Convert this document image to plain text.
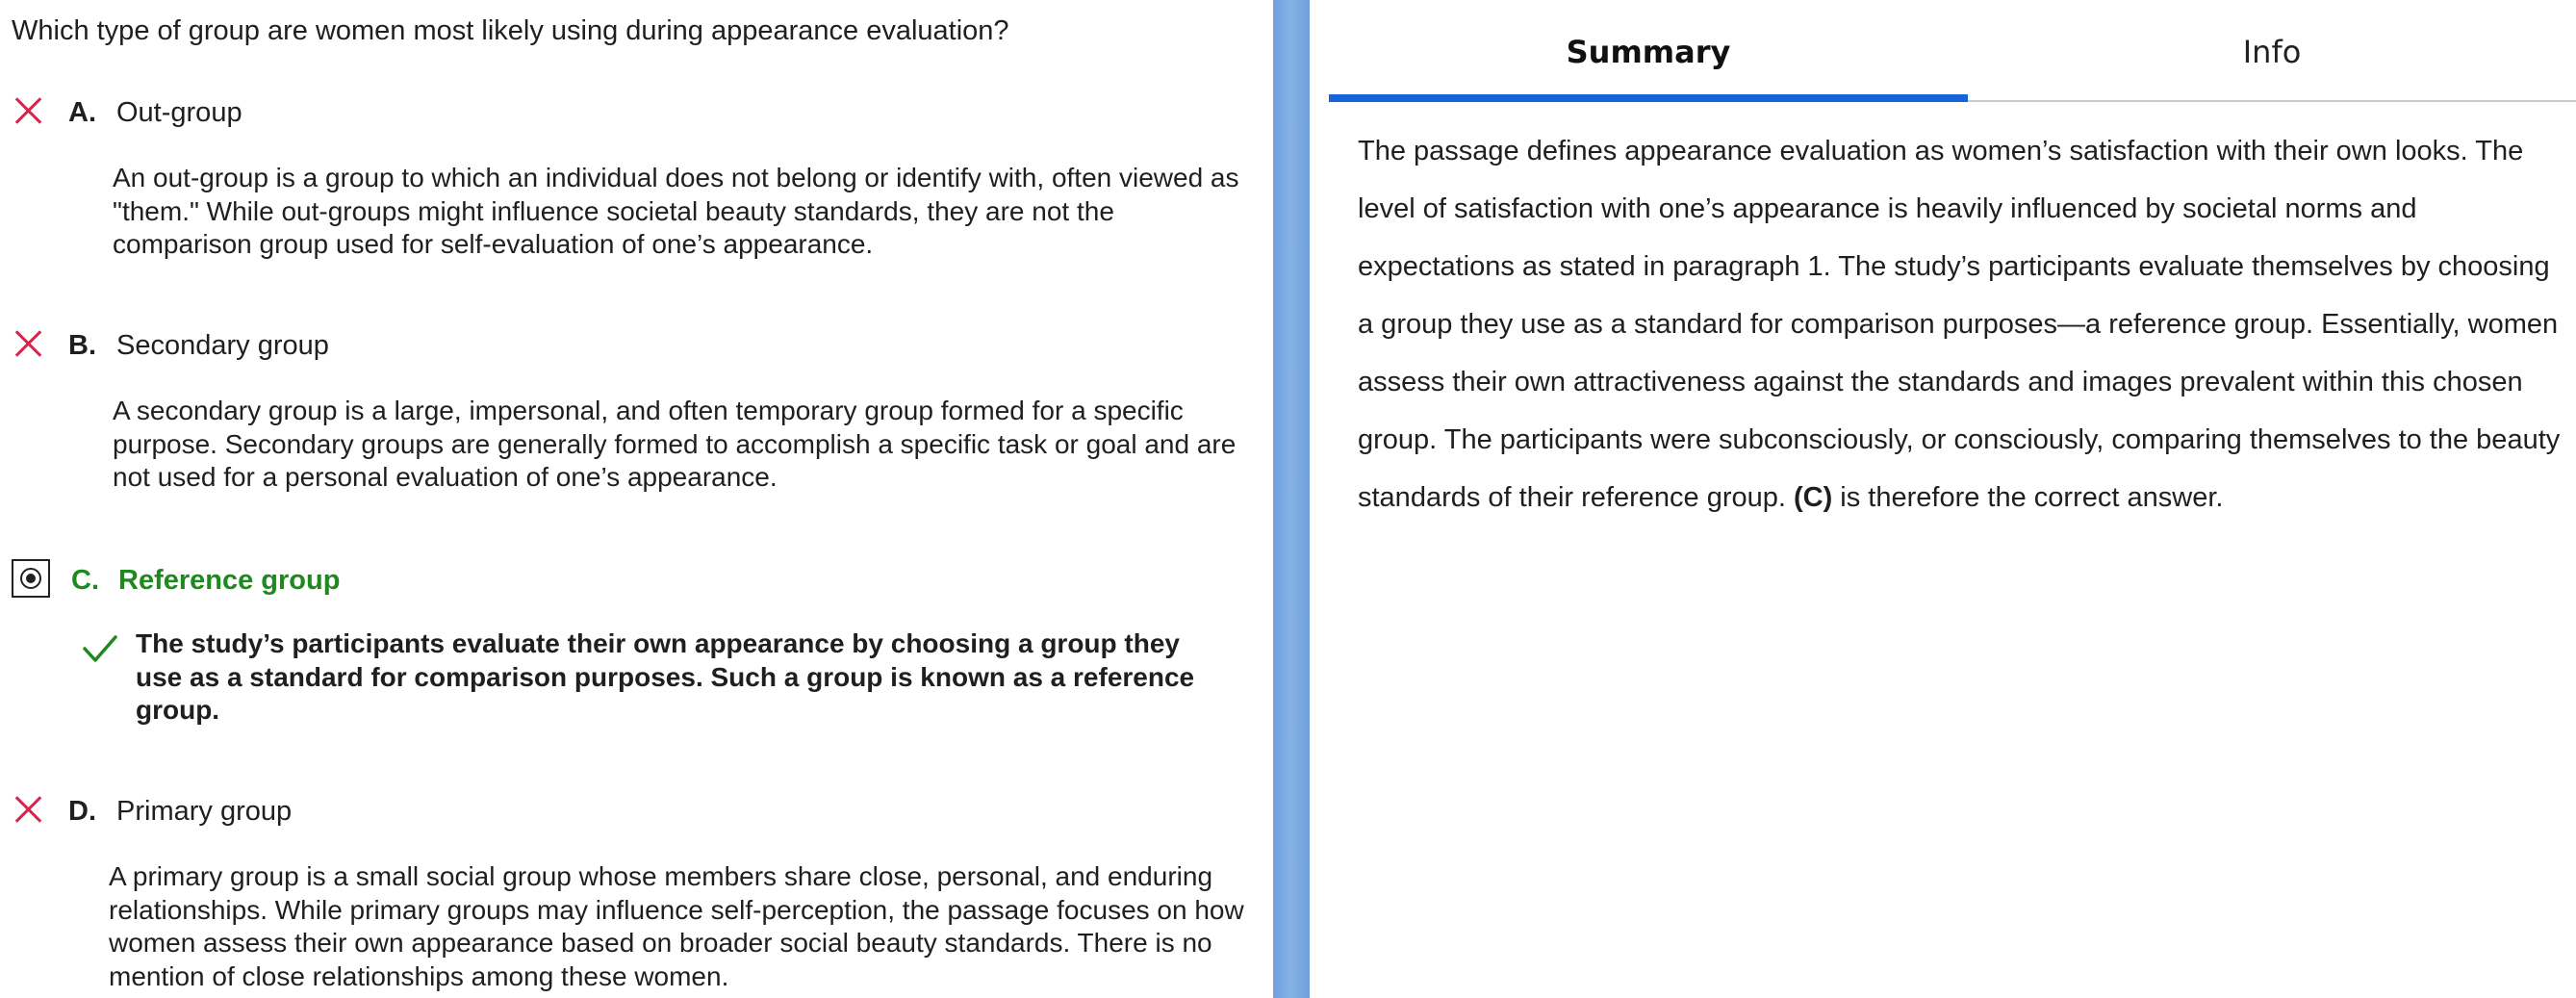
Which type of group are women most likely using during appearance evaluation?
A. Out-group
An out-group is a group to which an individual does not belong or identify with, often viewed as "them." While out-groups might influence societal beauty standards, they are not the comparison group used for self-evaluation of one’s appearance.
B. Secondary group
A secondary group is a large, impersonal, and often temporary group formed for a specific purpose. Secondary groups are generally formed to accomplish a specific task or goal and are not used for a personal evaluation of one’s appearance.
C. Reference group
The study’s participants evaluate their own appearance by choosing a group they use as a standard for comparison purposes. Such a group is known as a reference group.
D. Primary group
A primary group is a small social group whose members share close, personal, and enduring relationships. While primary groups may influence self-perception, the passage focuses on how women assess their own appearance based on broader social beauty standards. There is no mention of close relationships among these women.
Summary	Info
The passage defines appearance evaluation as women’s satisfaction with their own looks. The level of satisfaction with one’s appearance is heavily influenced by societal norms and expectations as stated in paragraph 1. The study’s participants evaluate themselves by choosing a group they use as a standard for comparison purposes—a reference group. Essentially, women assess their own attractiveness against the standards and images prevalent within this chosen group. The participants were subconsciously, or consciously, comparing themselves to the beauty standards of their reference group. (C) is therefore the correct answer.
